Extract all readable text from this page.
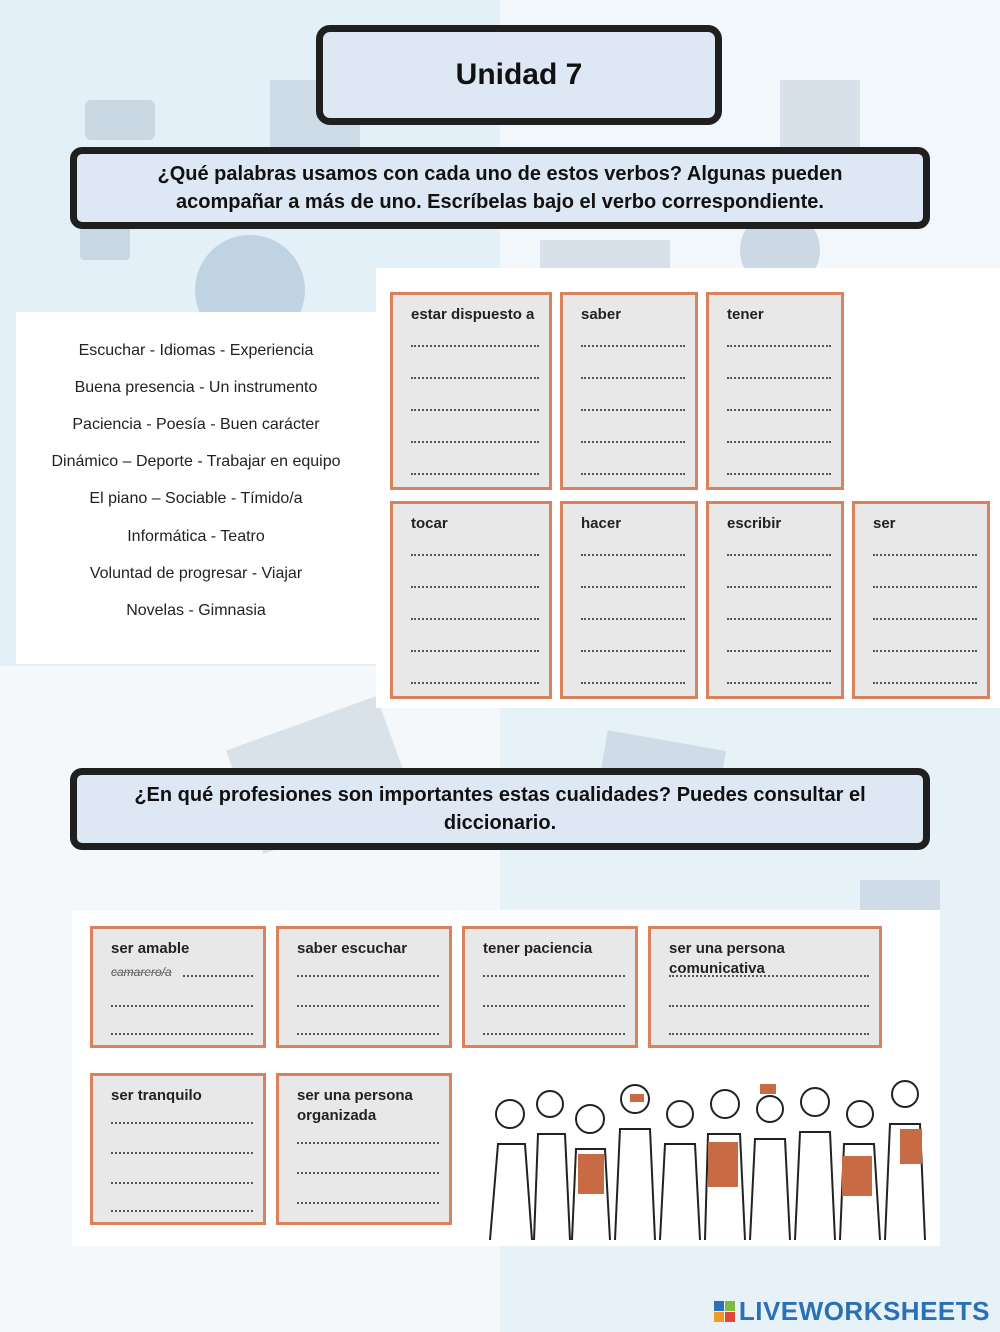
Unidad 7
¿Qué palabras usamos con cada uno de estos verbos? Algunas pueden
acompañar a más de uno. Escríbelas bajo el verbo correspondiente.
Escuchar - Idiomas - Experiencia
Buena presencia - Un instrumento
Paciencia - Poesía - Buen carácter
Dinámico – Deporte - Trabajar en equipo
El piano – Sociable - Tímido/a
Informática - Teatro
Voluntad de progresar - Viajar
Novelas - Gimnasia
estar dispuesto a	saber	tener
tocar	hacer	escribir	ser
¿En qué profesiones son importantes estas cualidades? Puedes consultar el
diccionario.
ser amable
camarero/a
saber escuchar	tener paciencia	ser una persona comunicativa
ser tranquilo	ser una persona
organizada
LIVEWORKSHEETS
